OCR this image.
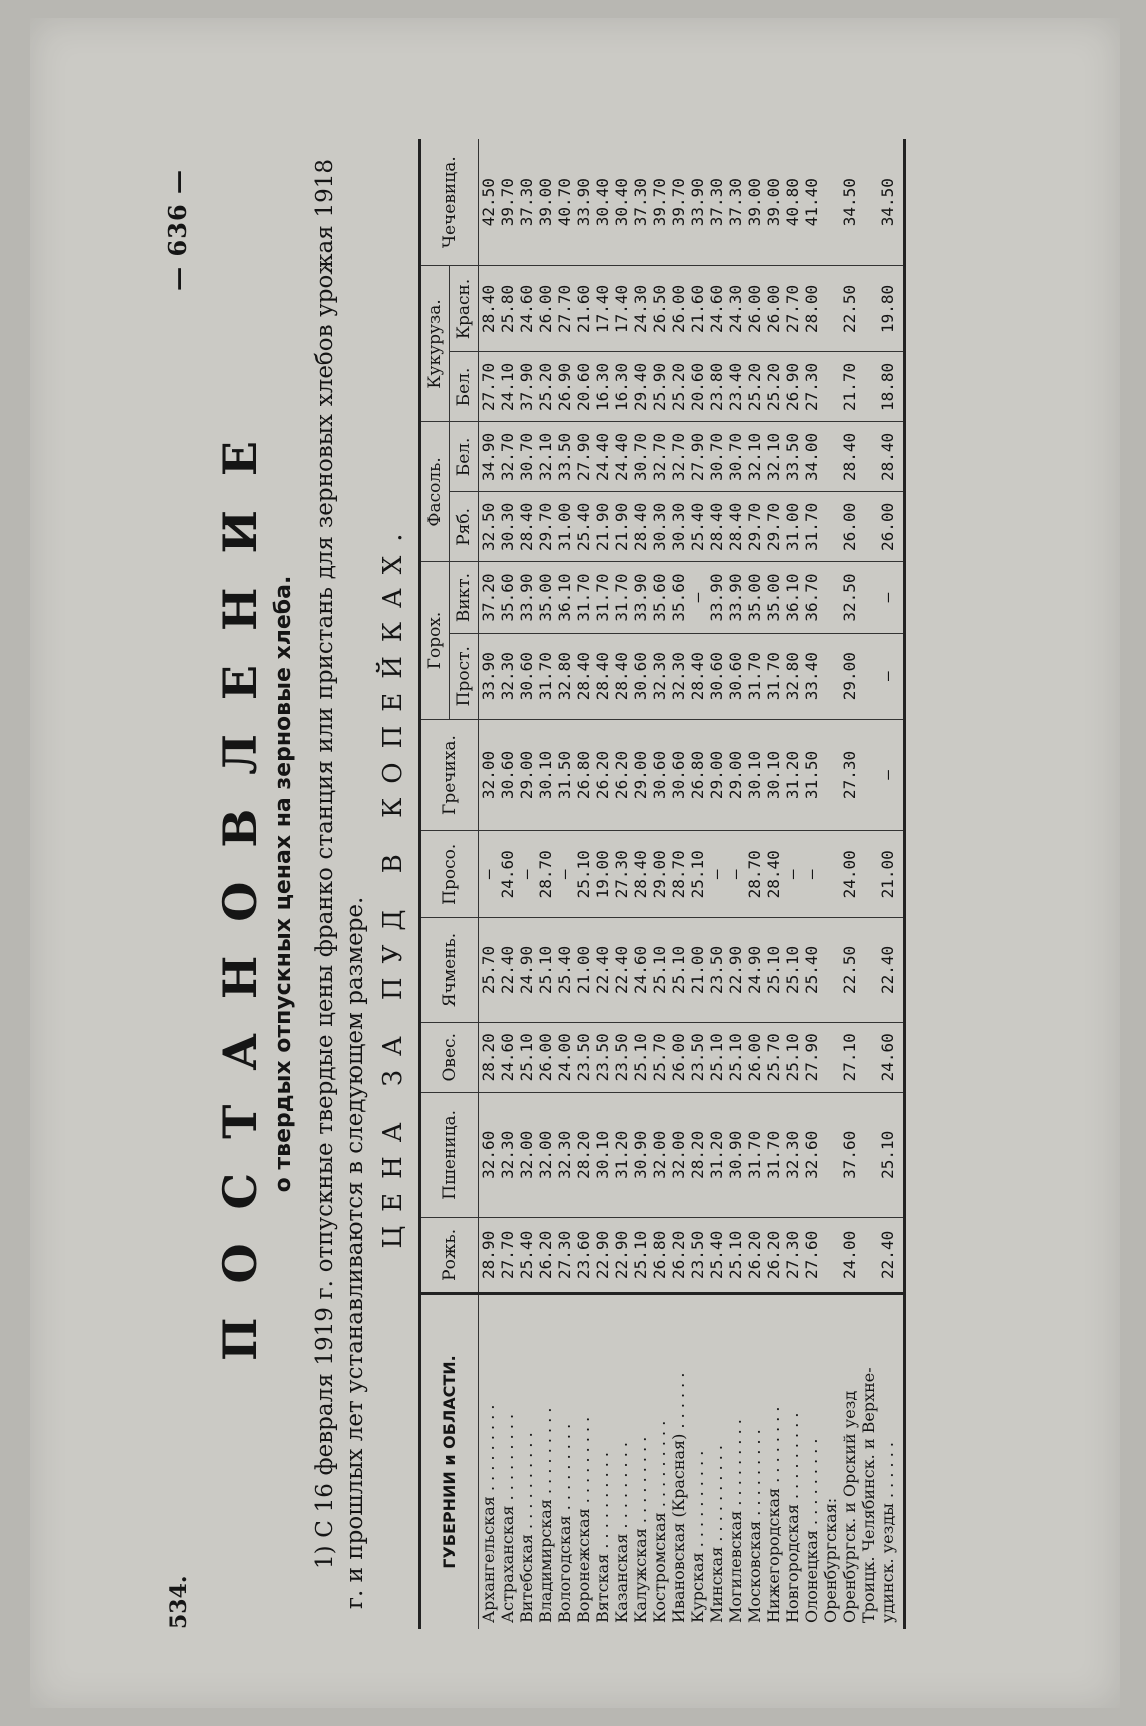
534.
— 636 —
ПОСТАНОВЛЕНИЕ о твердых отпускных ценах на зерновые хлеба. 1) С 16 февраля 1919 г. отпускные твердые цены франко станция или пристань для зерновых хлебов урожая 1918 г. и прошлых лет устанавливаются в следующем размере.
ЦЕНА ЗА ПУД В КОПЕЙКАХ.
ГУБЕРНИИ и ОБЛАСТИ.	Рожь.	Пшеница.	Овес.	Ячмень.	Просо.	Гречиха.	Горох.		Фасоль.		Кукуруза.		Чечевица.
							Прост.	Викт.	Ряб.	Бел.	Бел.	Красн.	
Архангельская . . . . . . . . .	28.90	32.60	28.20	25.70	—	32.00	33.90	37.20	32.50	34.90	27.70	28.40	42.50
Астраханская . . . . . . . . .	27.70	32.30	24.60	22.40	24.60	30.60	32.30	35.60	30.30	32.70	24.10	25.80	39.70
Витебская . . . . . . . . . .	25.40	32.00	25.10	24.90	—	29.00	30.60	33.90	28.40	30.70	37.90	24.60	37.30
Владимирская . . . . . . . . .	26.20	32.00	26.00	25.10	28.70	30.10	31.70	35.00	29.70	32.10	25.20	26.00	39.00
Вологодская . . . . . . . . .	27.30	32.30	24.00	25.40	—	31.50	32.80	36.10	31.00	33.50	26.90	27.70	40.70
Воронежская . . . . . . . . .	23.60	28.20	23.50	21.00	25.10	26.80	28.40	31.70	25.40	27.90	20.60	21.60	33.90
Вятская . . . . . . . . . .	22.90	30.10	23.50	22.40	19.00	26.20	28.40	31.70	21.90	24.40	16.30	17.40	30.40
Казанская . . . . . . . . .	22.90	31.20	23.50	22.40	27.30	26.20	28.40	31.70	21.90	24.40	16.30	17.40	30.40
Калужская . . . . . . . . .	25.10	30.90	25.10	24.60	28.40	29.00	30.60	33.90	28.40	30.70	29.40	24.30	37.30
Костромская . . . . . . . . .	26.80	32.00	25.70	25.10	29.00	30.60	32.30	35.60	30.30	32.70	25.90	26.50	39.70
Ивановская (Красная) . . . . . .	26.20	32.00	26.00	25.10	28.70	30.60	32.30	35.60	30.30	32.70	25.20	26.00	39.70
Курская . . . . . . . . . .	23.50	28.20	23.50	21.00	25.10	26.80	28.40	—	25.40	27.90	20.60	21.60	33.90
Минская . . . . . . . . . .	25.40	31.20	25.10	23.50	—	29.00	30.60	33.90	28.40	30.70	23.80	24.60	37.30
Могилевская . . . . . . . . .	25.10	30.90	25.10	22.90	—	29.00	30.60	33.90	28.40	30.70	23.40	24.30	37.30
Московская . . . . . . . . .	26.20	31.70	26.00	24.90	28.70	30.10	31.70	35.00	29.70	32.10	25.20	26.00	39.00
Нижегородская . . . . . . . .	26.20	31.70	25.70	25.10	28.40	30.10	31.70	35.00	29.70	32.10	25.20	26.00	39.00
Новгородская . . . . . . . . .	27.30	32.30	25.10	25.10	—	31.20	32.80	36.10	31.00	33.50	26.90	27.70	40.80
Олонецкая . . . . . . . . .	27.60	32.60	27.90	25.40	—	31.50	33.40	36.70	31.70	34.00	27.30	28.00	41.40
Оренбургская:													
Оренбургск. и Орский уезд	24.00	37.60	27.10	22.50	24.00	27.30	29.00	32.50	26.00	28.40	21.70	22.50	34.50
Троицк. Челябинск. и Верхне-													
удинск. уезды . . . . . .	22.40	25.10	24.60	22.40	21.00	—	—	—	26.00	28.40	18.80	19.80	34.50
